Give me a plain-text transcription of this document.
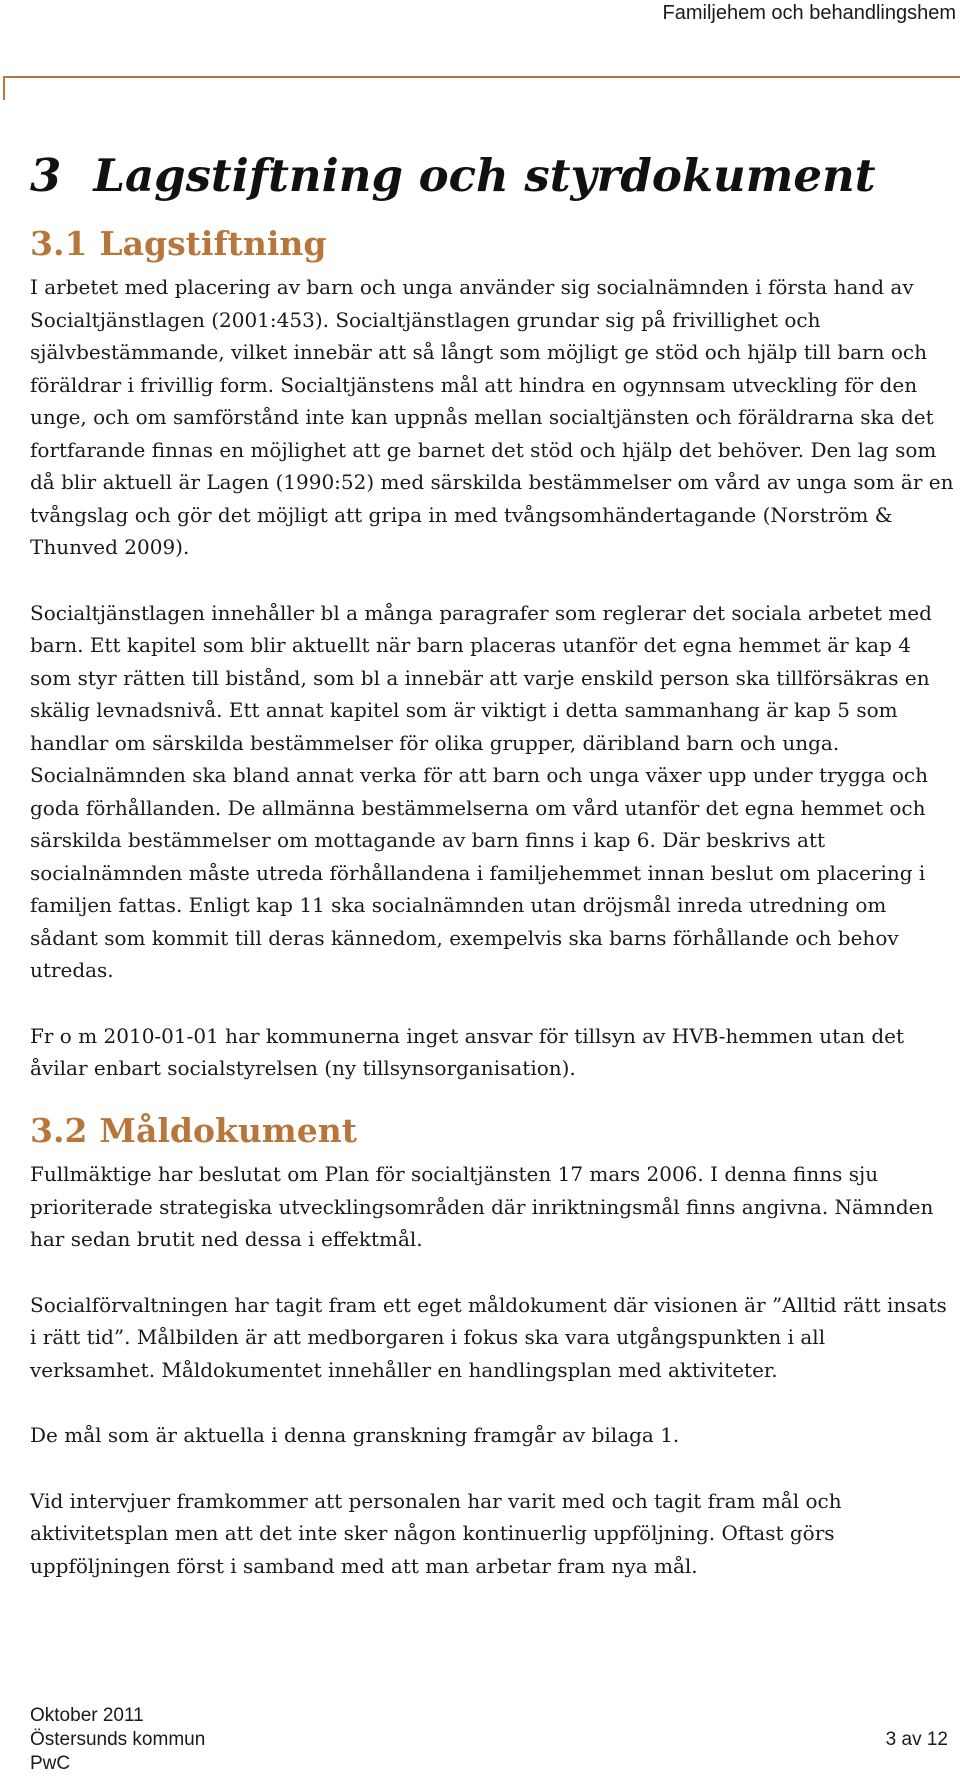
Familjehem och behandlingshem
3 Lagstiftning och styrdokument
3.1 Lagstiftning

I arbetet med placering av barn och unga använder sig socialnämnden i första hand av Socialtjänstlagen (2001:453). Socialtjänstlagen grundar sig på frivillighet och självbestämmande, vilket innebär att så långt som möjligt ge stöd och hjälp till barn och föräldrar i frivillig form. Socialtjänstens mål att hindra en ogynnsam utveckling för den unge, och om samförstånd inte kan uppnås mellan socialtjänsten och föräldrarna ska det fortfarande finnas en möjlighet att ge barnet det stöd och hjälp det behöver. Den lag som då blir aktuell är Lagen (1990:52) med särskilda bestämmelser om vård av unga som är en tvångslag och gör det möjligt att gripa in med tvångsomhändertagande (Norström & Thunved 2009).

Socialtjänstlagen innehåller bl a många paragrafer som reglerar det sociala arbetet med barn. Ett kapitel som blir aktuellt när barn placeras utanför det egna hemmet är kap 4 som styr rätten till bistånd, som bl a innebär att varje enskild person ska tillförsäkras en skälig levnadsnivå. Ett annat kapitel som är viktigt i detta sammanhang är kap 5 som handlar om särskilda bestämmelser för olika grupper, däribland barn och unga. Socialnämnden ska bland annat verka för att barn och unga växer upp under trygga och goda förhållanden. De allmänna bestämmelserna om vård utanför det egna hemmet och särskilda bestämmelser om mottagande av barn finns i kap 6. Där beskrivs att socialnämnden måste utreda förhållandena i familjehemmet innan beslut om placering i familjen fattas. Enligt kap 11 ska socialnämnden utan dröjsmål inreda utredning om sådant som kommit till deras kännedom, exempelvis ska barns förhållande och behov utredas.

Fr o m 2010-01-01 har kommunerna inget ansvar för tillsyn av HVB-hemmen utan det åvilar enbart socialstyrelsen (ny tillsynsorganisation).

3.2 Måldokument

Fullmäktige har beslutat om Plan för socialtjänsten 17 mars 2006. I denna finns sju prioriterade strategiska utvecklingsområden där inriktningsmål finns angivna. Nämnden har sedan brutit ned dessa i effektmål.

Socialförvaltningen har tagit fram ett eget måldokument där visionen är ”Alltid rätt insats i rätt tid”. Målbilden är att medborgaren i fokus ska vara utgångspunkten i all verksamhet. Måldokumentet innehåller en handlingsplan med aktiviteter.

De mål som är aktuella i denna granskning framgår av bilaga 1.

Vid intervjuer framkommer att personalen har varit med och tagit fram mål och aktivitetsplan men att det inte sker någon kontinuerlig uppföljning. Oftast görs uppföljningen först i samband med att man arbetar fram nya mål.

Oktober 2011
Östersunds kommun
PwC
3 av 12
